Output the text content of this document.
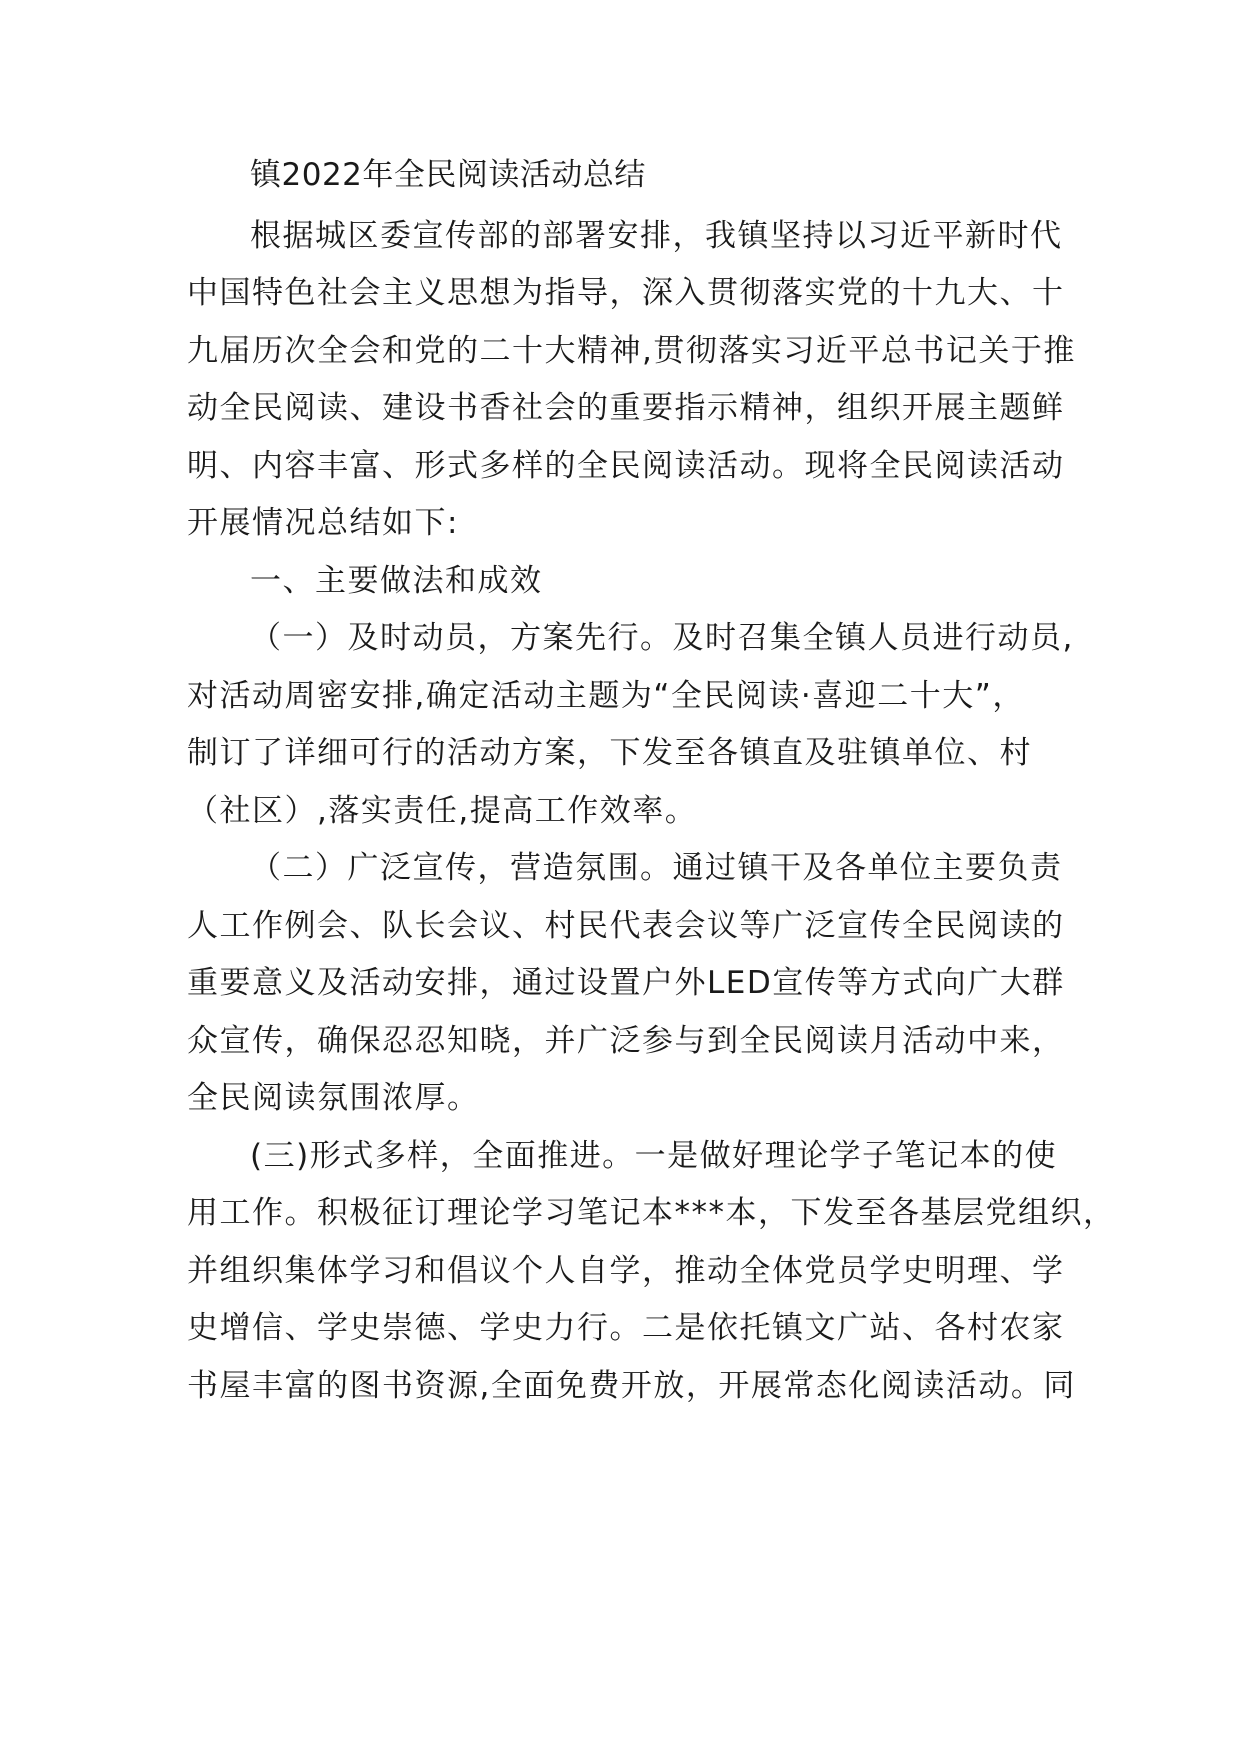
镇2022年全民阅读活动总结
根据城区委宣传部的部署安排，我镇坚持以习近平新时代
中国特色社会主义思想为指导，深入贯彻落实党的十九大、十
九届历次全会和党的二十大精神,贯彻落实习近平总书记关于推
动全民阅读、建设书香社会的重要指示精神，组织开展主题鲜
明、内容丰富、形式多样的全民阅读活动。现将全民阅读活动
开展情况总结如下:
一、主要做法和成效
（一）及时动员，方案先行。及时召集全镇人员进行动员,
对活动周密安排,确定活动主题为“全民阅读·喜迎二十大”，
制订了详细可行的活动方案，下发至各镇直及驻镇单位、村
（社区）,落实责任,提高工作效率。
（二）广泛宣传，营造氛围。通过镇干及各单位主要负责
人工作例会、队长会议、村民代表会议等广泛宣传全民阅读的
重要意义及活动安排，通过设置户外LED宣传等方式向广大群
众宣传，确保忍忍知晓，并广泛参与到全民阅读月活动中来，
全民阅读氛围浓厚。
(三)形式多样，全面推进。一是做好理论学子笔记本的使
用工作。积极征订理论学习笔记本***本，下发至各基层党组织，
并组织集体学习和倡议个人自学，推动全体党员学史明理、学
史增信、学史崇德、学史力行。二是依托镇文广站、各村农家
书屋丰富的图书资源,全面免费开放，开展常态化阅读活动。同
